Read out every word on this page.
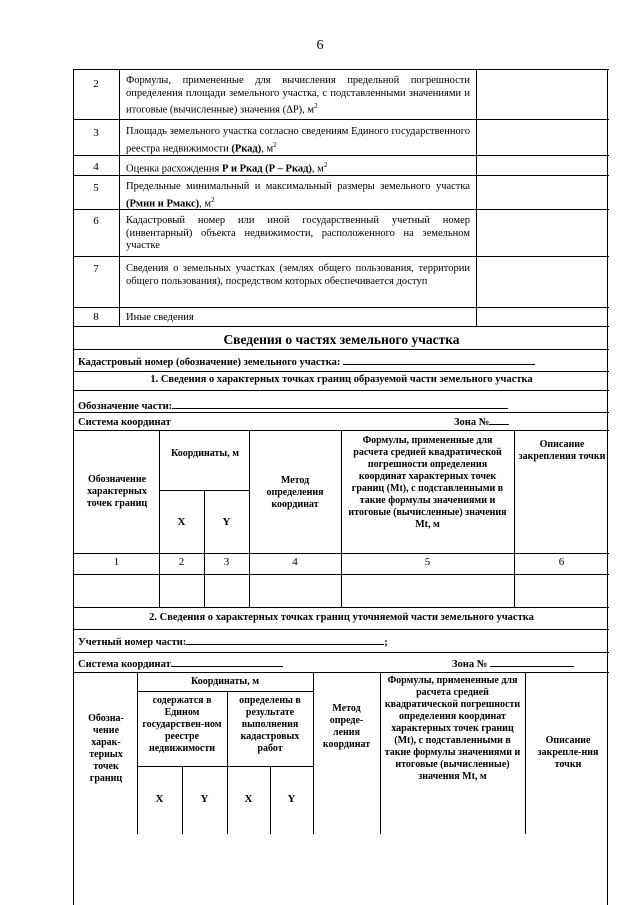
6
2	Формулы, примененные для вычисления предельной погрешности определения площади земельного участка, с подставленными значениями и итоговые (вычисленные) значения (ΔP), $м^2$
3	Площадь земельного участка согласно сведениям Единого государственного реестра недвижимости (Ркад), $м^2$
4	Оценка расхождения Р и Ркад (Р – Ркад), $м^2$
5	Предельные минимальный и максимальный размеры земельного участка (Рмин и Рмакс), $м^2$
6	Кадастровый номер или иной государственный учетный номер (инвентарный) объекта недвижимости, расположенного на земельном участке
7	Сведения о земельных участках (землях общего пользования, территории общего пользования), посредством которых обеспечивается доступ
8	Иные сведения
Сведения о частях земельного участка
Кадастровый номер (обозначение) земельного участка:
1. Сведения о характерных точках границ образуемой части земельного участка
Обозначение части:
Система координат	Зона №
Обозначение характерных точек границ
Координаты, м
X	Y
Метод определения координат
Формулы, примененные для расчета средней квадратической погрешности определения координат характерных точек границ (Mt), с подставленными в такие формулы значениями и итоговые (вычисленные) значения Mt, м
Описание закрепления точки
1	2	3	4	5	6
2. Сведения о характерных точках границ уточняемой части земельного участка
Учетный номер части:	;
Система координат	Зона №
Обозна-чение харак-терных точек границ
Координаты, м
содержатся в Едином государствен-ном реестре недвижимости
определены в результате выполнения кадастровых работ
X	Y	X	Y
Метод опреде-ления координат
Формулы, примененные для расчета средней квадратической погрешности определения координат характерных точек границ (Mt), с подставленными в такие формулы значениями и итоговые (вычисленные) значения Mt, м
Описание закрепле-ния точки
